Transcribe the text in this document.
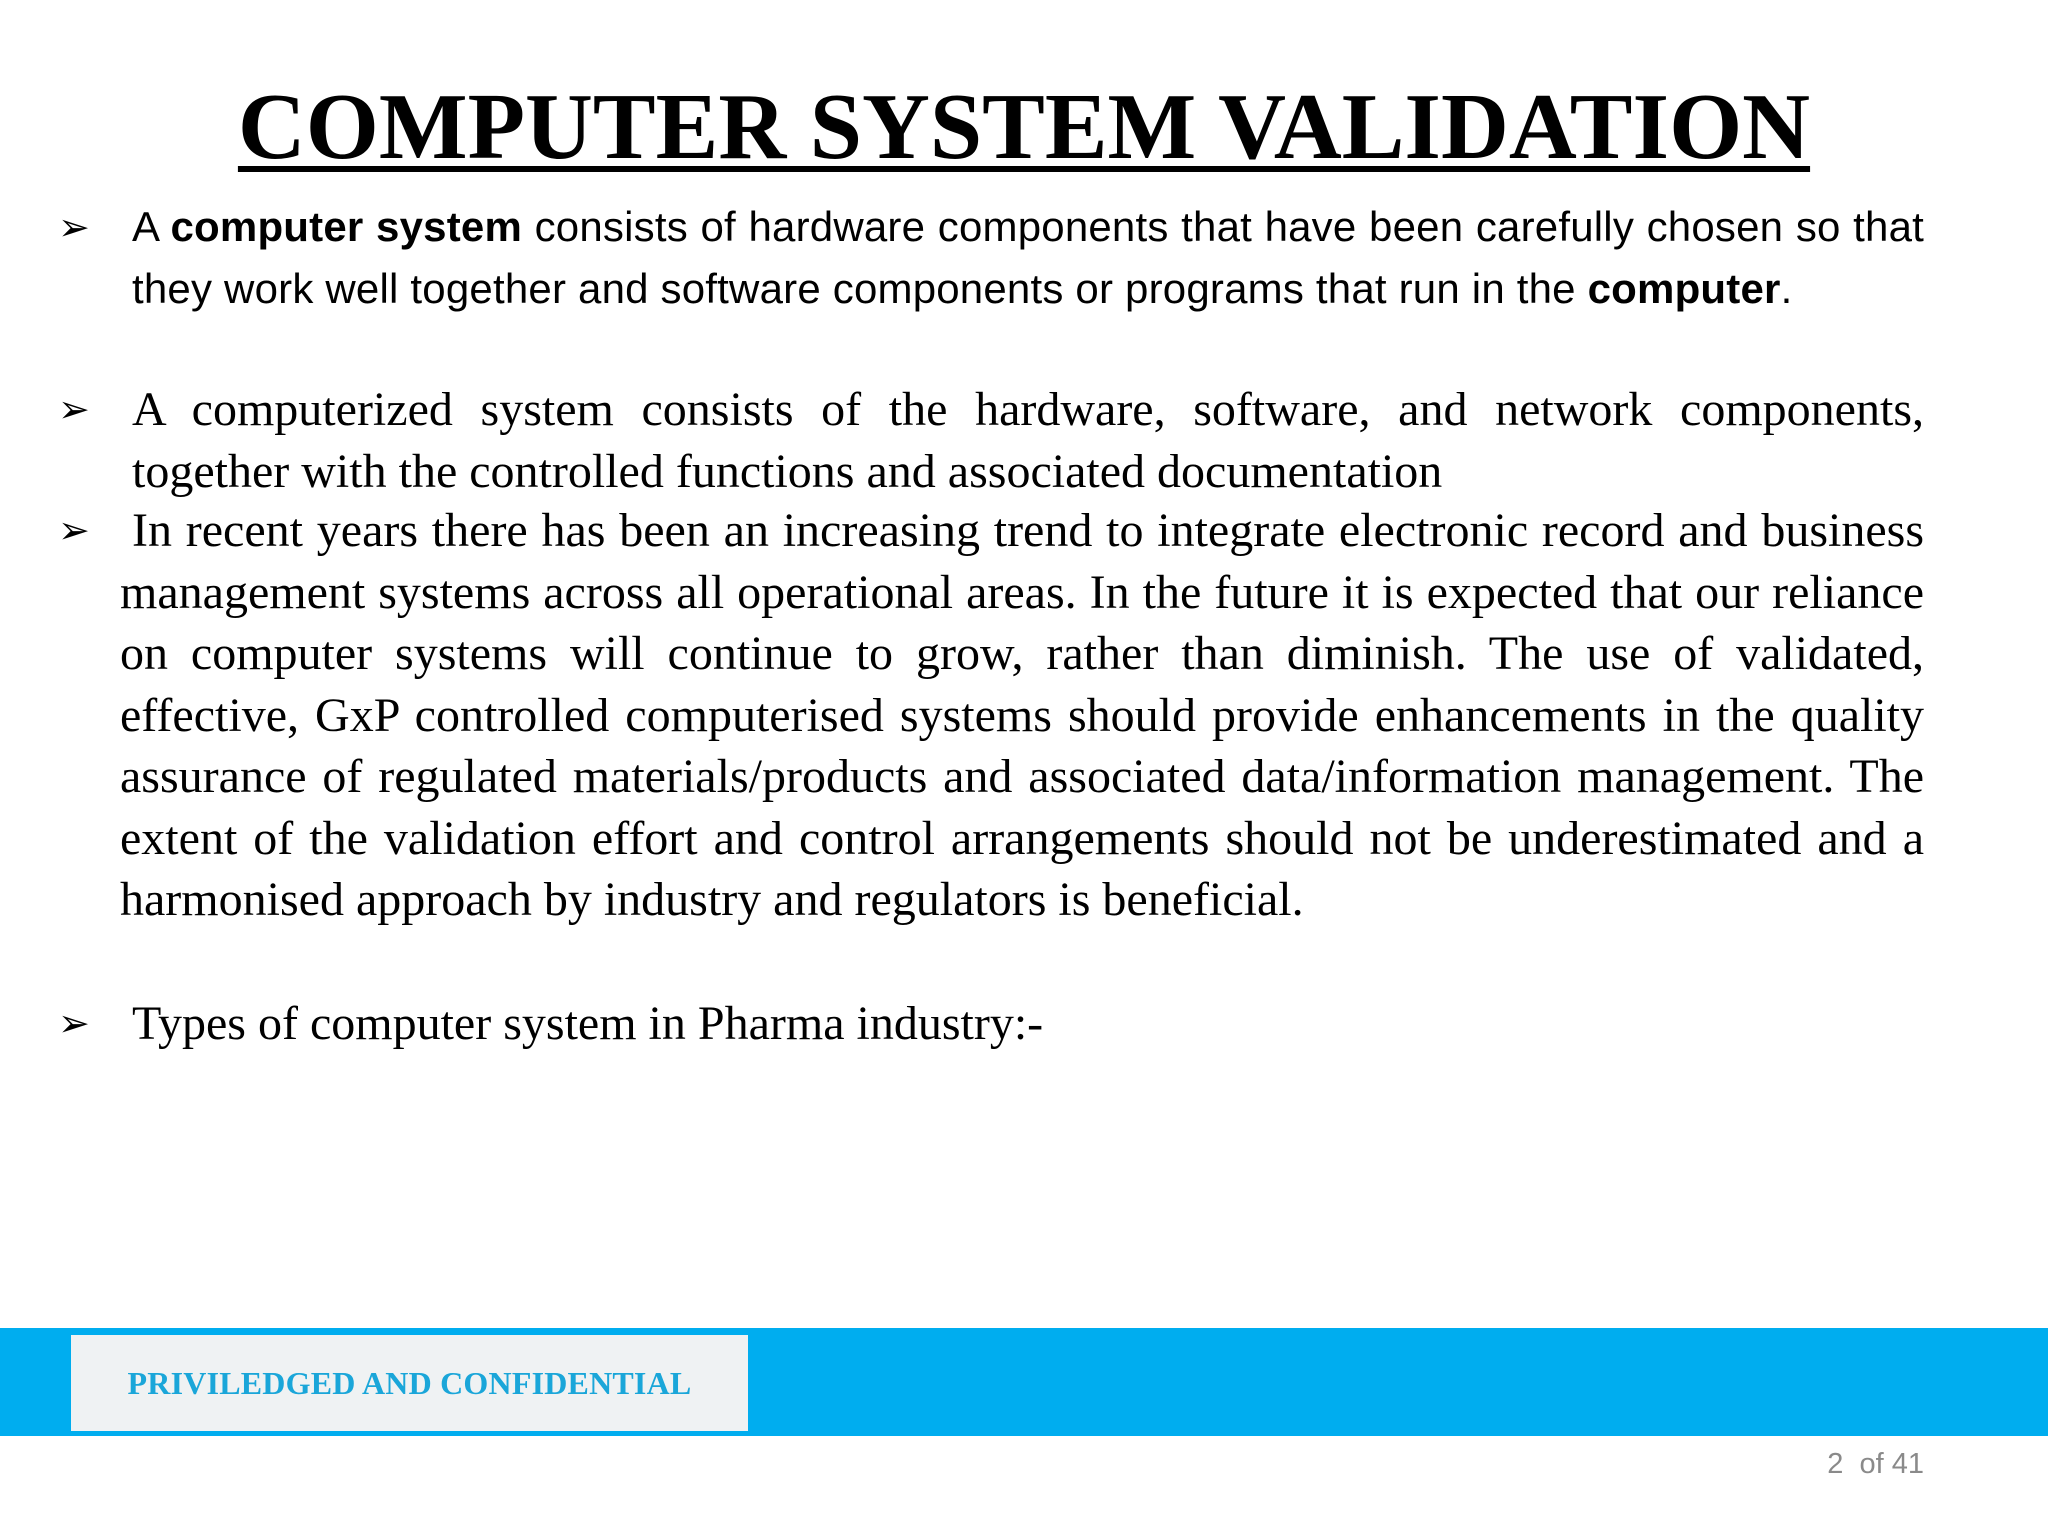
COMPUTER SYSTEM VALIDATION
➢	A computer system consists of hardware components that have been carefully chosen so that they work well together and software components or programs that run in the computer.
➢ A computerized system consists of the hardware, software, and network components, together with the controlled functions and associated documentation
➢ In recent years there has been an increasing trend to integrate electronic record and business management systems across all operational areas. In the future it is expected that our reliance on computer systems will continue to grow, rather than diminish. The use of validated, effective, GxP controlled computerised systems should provide enhancements in the quality assurance of regulated materials/products and associated data/information management. The extent of the validation effort and control arrangements should not be underestimated and a harmonised approach by industry and regulators is beneficial.
➢ Types of computer system in Pharma industry:-
PRIVILEDGED AND CONFIDENTIAL
2  of 41
